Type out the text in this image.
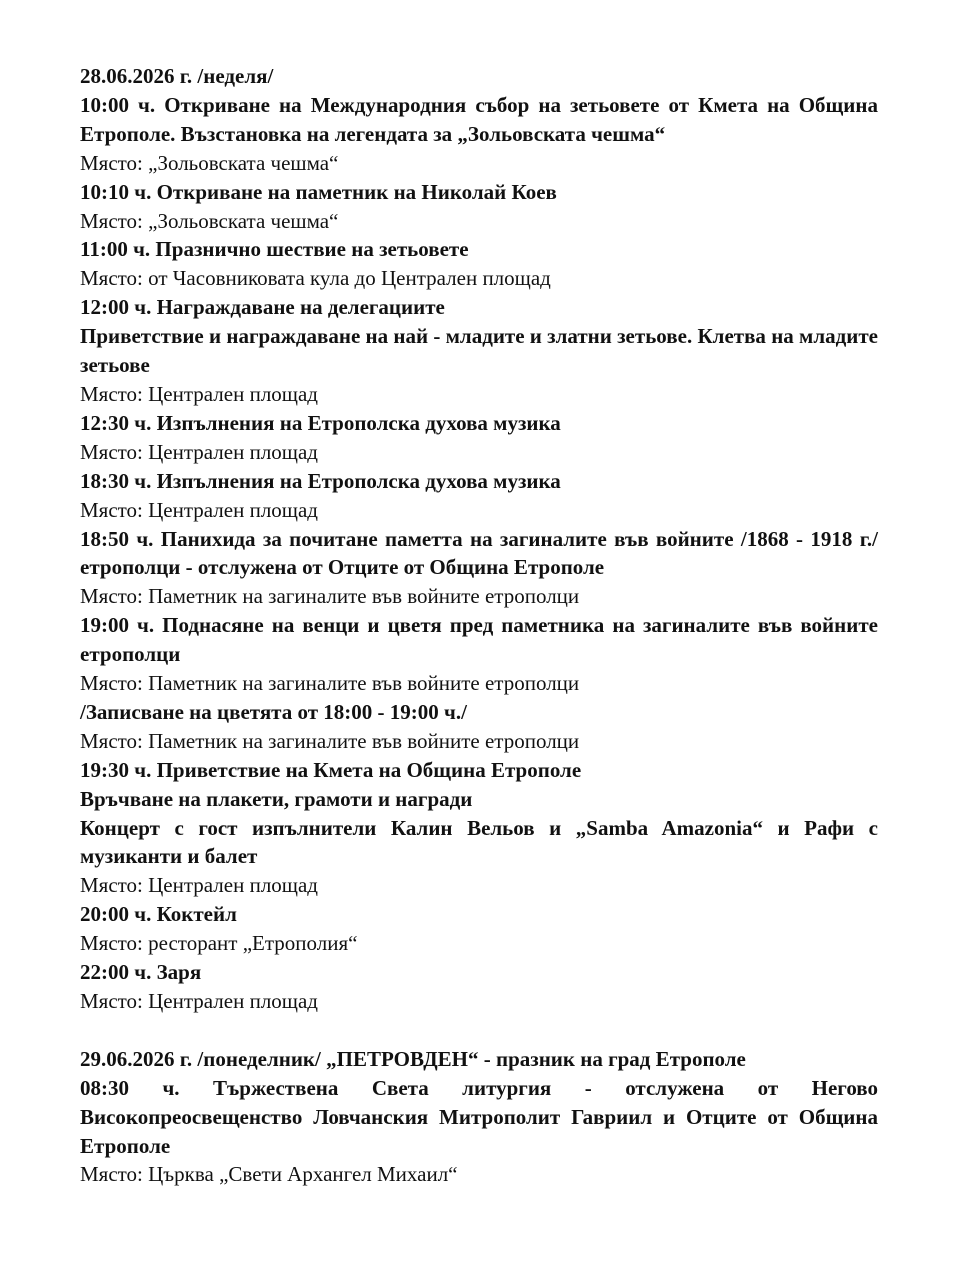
28.06.2026 г. /неделя/
10:00 ч. Откриване на Международния събор на зетьовете от Кмета на Община Етрополе. Възстановка на легендата за „Зольовската чешма“
Място: „Зольовската чешма“
10:10 ч. Откриване на паметник на Николай Коев
Място: „Зольовската чешма“
11:00 ч. Празнично шествие на зетьовете
Място: от Часовниковата кула до Централен площад
12:00 ч. Награждаване на делегациите
Приветствие и награждаване на най - младите и златни зетьове. Клетва на младите зетьове
Място: Централен площад
12:30 ч. Изпълнения на Етрополска духова музика
Място: Централен площад
18:30 ч. Изпълнения на Етрополска духова музика
Място: Централен площад
18:50 ч. Панихида за почитане паметта на загиналите във войните /1868 - 1918 г./ етрополци - отслужена от Отците от Община Етрополе
Място: Паметник на загиналите във войните етрополци
19:00 ч. Поднасяне на венци и цветя пред паметника на загиналите във войните етрополци
Място: Паметник на загиналите във войните етрополци
/Записване на цветята от 18:00 - 19:00 ч./
Място: Паметник на загиналите във войните етрополци
19:30 ч. Приветствие на Кмета на Община Етрополе
Връчване на плакети, грамоти и награди
Концерт с гост изпълнители Калин Вельов и „Samba Amazonia“ и Рафи с музиканти и балет
Място: Централен площад
20:00 ч. Коктейл
Място: ресторант „Етрополия“
22:00 ч. Заря
Място: Централен площад
29.06.2026 г. /понеделник/ „ПЕТРОВДЕН“ - празник на град Етрополе
08:30 ч. Тържествена Света литургия - отслужена от Негово Високопреосвещенство Ловчанския Митрополит Гавриил и Отците от Община Етрополе
Място: Църква „Свети Архангел Михаил“
